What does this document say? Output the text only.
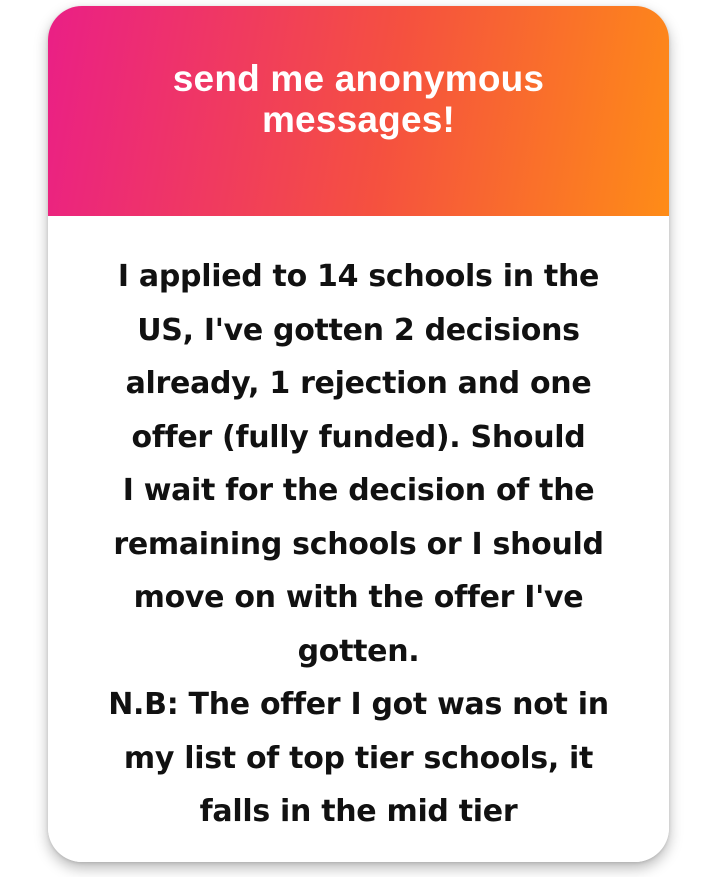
send me anonymous messages!
I applied to 14 schools in the
US, I've gotten 2 decisions
already, 1 rejection and one
offer (fully funded). Should
I wait for the decision of the
remaining schools or I should
move on with the offer I've
gotten.
N.B: The offer I got was not in
my list of top tier schools, it
falls in the mid tier
